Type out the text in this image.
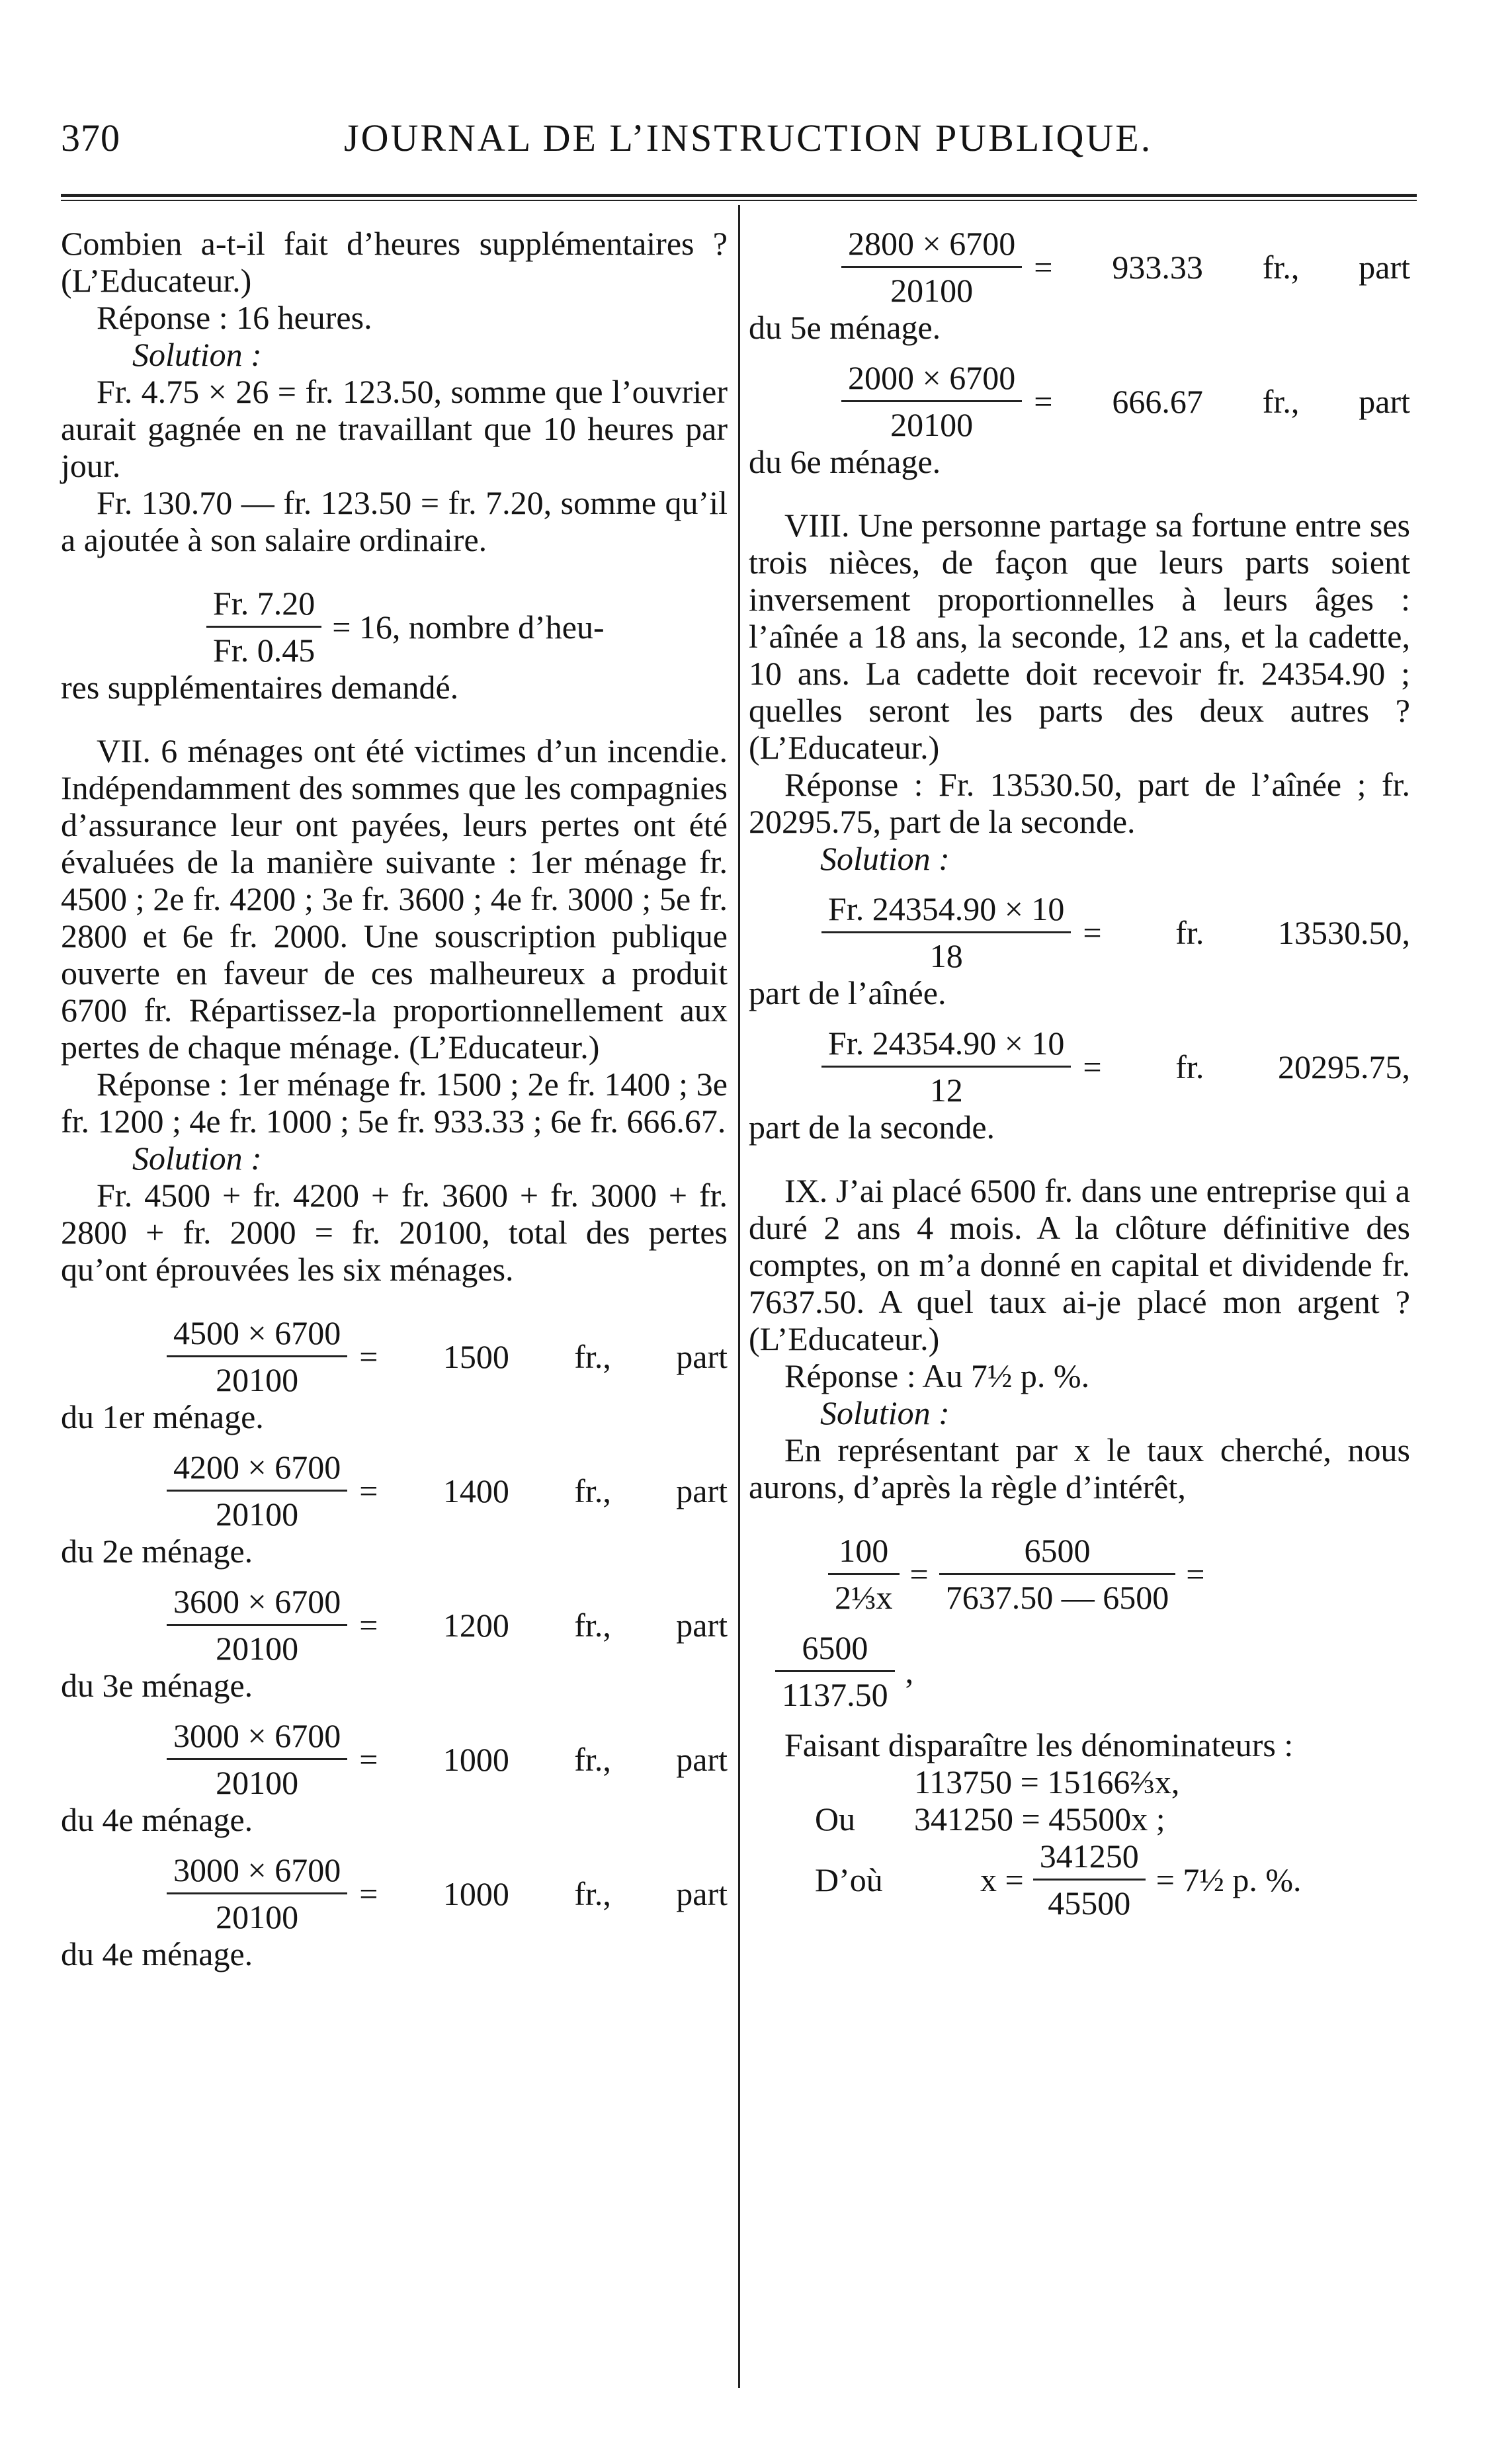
370	JOURNAL DE L’INSTRUCTION PUBLIQUE.

Combien a-t-il fait d’heures supplémentaires ? (L’Educateur.)

Réponse : 16 heures.

Solution :

Fr. 4.75 × 26 = fr. 123.50, somme que l’ouvrier aurait gagnée en ne travaillant que 10 heures par jour.

Fr. 130.70 — fr. 123.50 = fr. 7.20, somme qu’il a ajoutée à son salaire ordinaire.

$\frac{Fr. 7.20}{Fr. 0.45} = 16$, nombre d’heu-

res supplémentaires demandé.

VII. 6 ménages ont été victimes d’un incendie. Indépendamment des sommes que les compagnies d’assurance leur ont payées, leurs pertes ont été évaluées de la manière suivante : 1er ménage fr. 4500 ; 2e fr. 4200 ; 3e fr. 3600 ; 4e fr. 3000 ; 5e fr. 2800 et 6e fr. 2000. Une souscription publique ouverte en faveur de ces malheureux a produit 6700 fr. Répartissez-la proportionnellement aux pertes de chaque ménage. (L’Educateur.)

Réponse : 1er ménage fr. 1500 ; 2e fr. 1400 ; 3e fr. 1200 ; 4e fr. 1000 ; 5e fr. 933.33 ; 6e fr. 666.67.

Solution :

Fr. 4500 + fr. 4200 + fr. 3600 + fr. 3000 + fr. 2800 + fr. 2000 = fr. 20100, total des pertes qu’ont éprouvées les six ménages.

$\frac{4500 \times 6700}{20100} = 1500$ fr., part

du 1er ménage.

$\frac{4200 \times 6700}{20100} = 1400$ fr., part

du 2e ménage.

$\frac{3600 \times 6700}{20100} = 1200$ fr., part

du 3e ménage.

$\frac{3000 \times 6700}{20100} = 1000$ fr., part

du 4e ménage.

$\frac{3000 \times 6700}{20100} = 1000$ fr., part

du 4e ménage.

$\frac{2800 \times 6700}{20100} = 933.33$ fr., part

du 5e ménage.

$\frac{2000 \times 6700}{20100} = 666.67$ fr., part

du 6e ménage.

VIII. Une personne partage sa fortune entre ses trois nièces, de façon que leurs parts soient inversement proportionnelles à leurs âges : l’aînée a 18 ans, la seconde, 12 ans, et la cadette, 10 ans. La cadette doit recevoir fr. 24354.90 ; quelles seront les parts des deux autres ? (L’Educateur.)

Réponse : Fr. 13530.50, part de l’aînée ; fr. 20295.75, part de la seconde.

Solution :

$\frac{Fr. 24354.90 \times 10}{18}$ = fr. 13530.50,

part de l’aînée.

$\frac{Fr. 24354.90 \times 10}{12}$ = fr. 20295.75,

part de la seconde.

IX. J’ai placé 6500 fr. dans une entreprise qui a duré 2 ans 4 mois. A la clôture définitive des comptes, on m’a donné en capital et dividende fr. 7637.50. A quel taux ai-je placé mon argent ? (L’Educateur.)

Réponse : Au 7½ p. %.

Solution :

En représentant par x le taux cherché, nous aurons, d’après la règle d’intérêt,

$\frac{100}{\text{2⅓x}} = \frac{6500}{7637.50 — 6500}$ =
$\frac{6500}{1137.50}$ ,

Faisant disparaître les dénominateurs :

113750 = 15166⅔x,

Ou	341250 = 45500x ;
D’où	$x = \frac{341250}{45500}$ = 7½ p. %.
